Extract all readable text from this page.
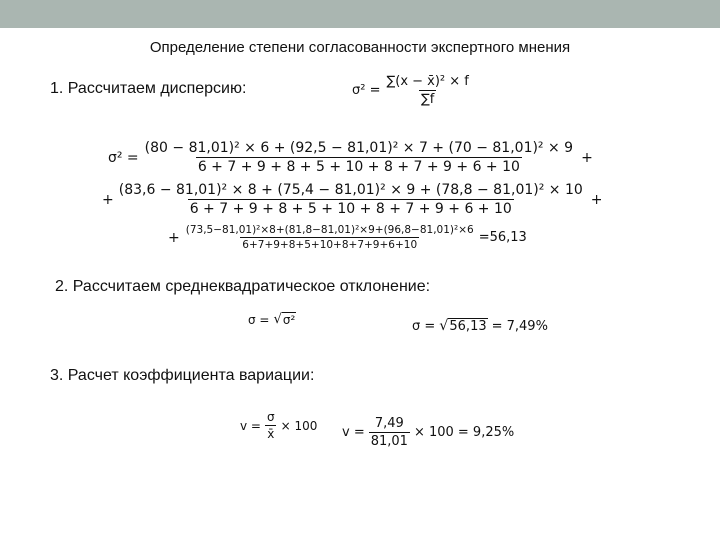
Определение степени согласованности экспертного мнения
1. Рассчитаем дисперсию:	$\sigma^2 = \frac{\text{∑(x − x̄)² × f}}{\sum f}$
$\sigma^2 = \frac{\text{(80 − 81,01)² × 6 + (92,5 − 81,01)² × 7 + (70 − 81,01)² × 9}}{6 + 7 + 9 + 8 + 5 + 10 + 8 + 7 + 9 + 6 + 10}$ +
+
(83,6 − 81,01)² × 8 + (75,4 − 81,01)² × 9 + (78,8 − 81,01)² × 10
6 + 7 + 9 + 8 + 5 + 10 + 8 + 7 + 9 + 6 + 10
+
+ $\frac{\text{(73,5−81,01)²×8+(81,8−81,01)²×9+(96,8−81,01)²×6}}{6+7+9+8+5+10+8+7+9+6+10} =56,13$
2. Рассчитаем среднеквадратическое отклонение:
σ = √ σ²	σ = √ 56,13 = 7,49%
3. Расчет коэффициента вариации:
$v = \frac{\sigma}{x̄} \times 100$ $v = \frac{7,49}{81,01} \times 100 = 9,25\%$
